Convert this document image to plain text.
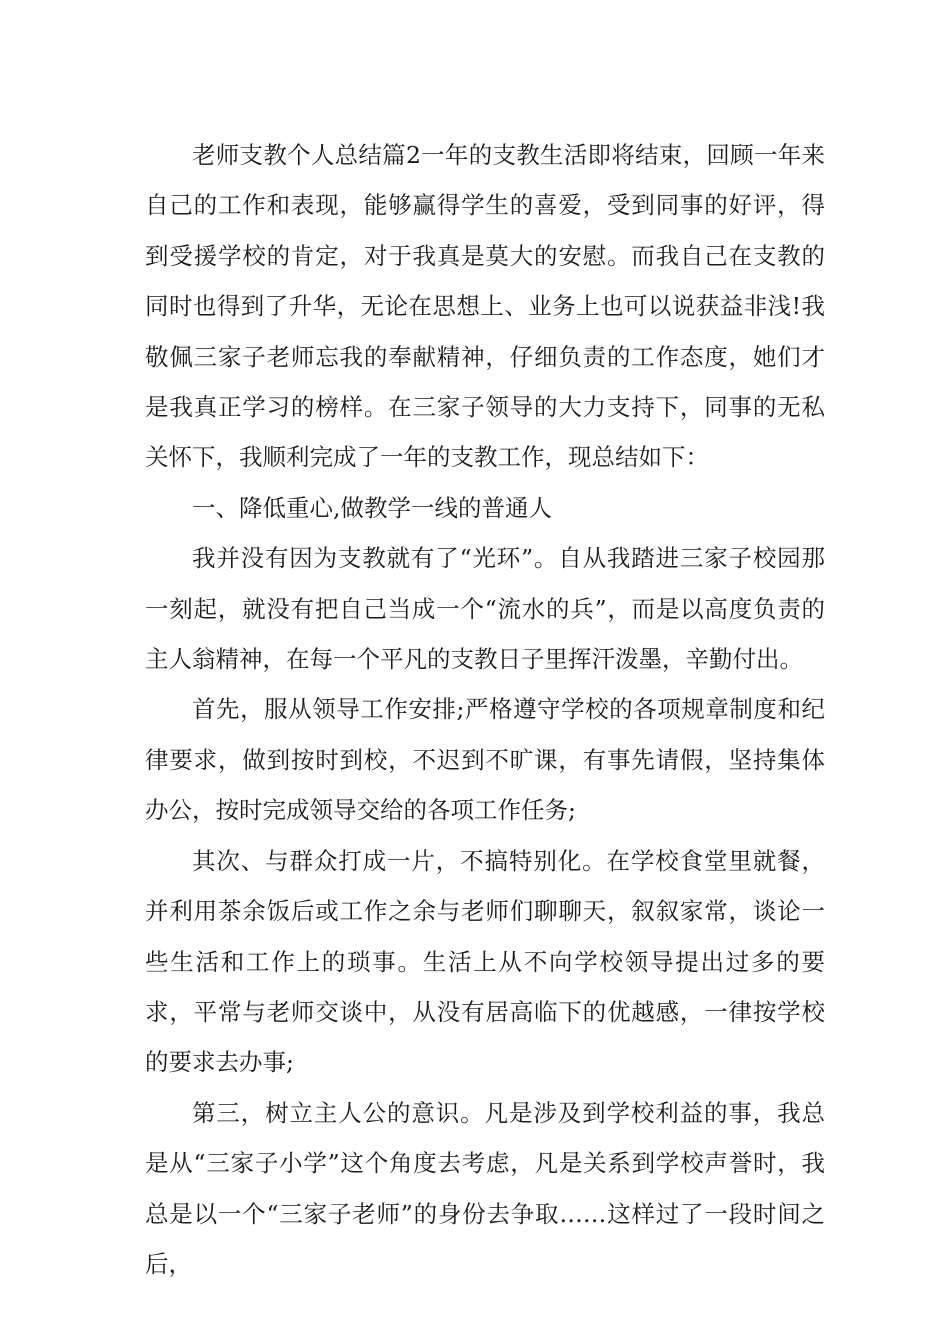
老师支教个人总结篇2一年的支教生活即将结束，回顾一年来自己的工作和表现，能够赢得学生的喜爱，受到同事的好评，得到受援学校的肯定，对于我真是莫大的安慰。而我自己在支教的同时也得到了升华，无论在思想上、业务上也可以说获益非浅!我敬佩三家子老师忘我的奉献精神，仔细负责的工作态度，她们才是我真正学习的榜样。在三家子领导的大力支持下，同事的无私关怀下，我顺利完成了一年的支教工作，现总结如下：

一、降低重心,做教学一线的普通人

我并没有因为支教就有了“光环”。自从我踏进三家子校园那一刻起，就没有把自己当成一个“流水的兵”，而是以高度负责的主人翁精神，在每一个平凡的支教日子里挥汗泼墨，辛勤付出。

首先，服从领导工作安排;严格遵守学校的各项规章制度和纪律要求，做到按时到校，不迟到不旷课，有事先请假，坚持集体办公，按时完成领导交给的各项工作任务;

其次、与群众打成一片，不搞特别化。在学校食堂里就餐，并利用茶余饭后或工作之余与老师们聊聊天，叙叙家常，谈论一些生活和工作上的琐事。生活上从不向学校领导提出过多的要求，平常与老师交谈中，从没有居高临下的优越感，一律按学校的要求去办事;

第三，树立主人公的意识。凡是涉及到学校利益的事，我总是从“三家子小学”这个角度去考虑，凡是关系到学校声誉时，我总是以一个“三家子老师”的身份去争取……这样过了一段时间之后，
